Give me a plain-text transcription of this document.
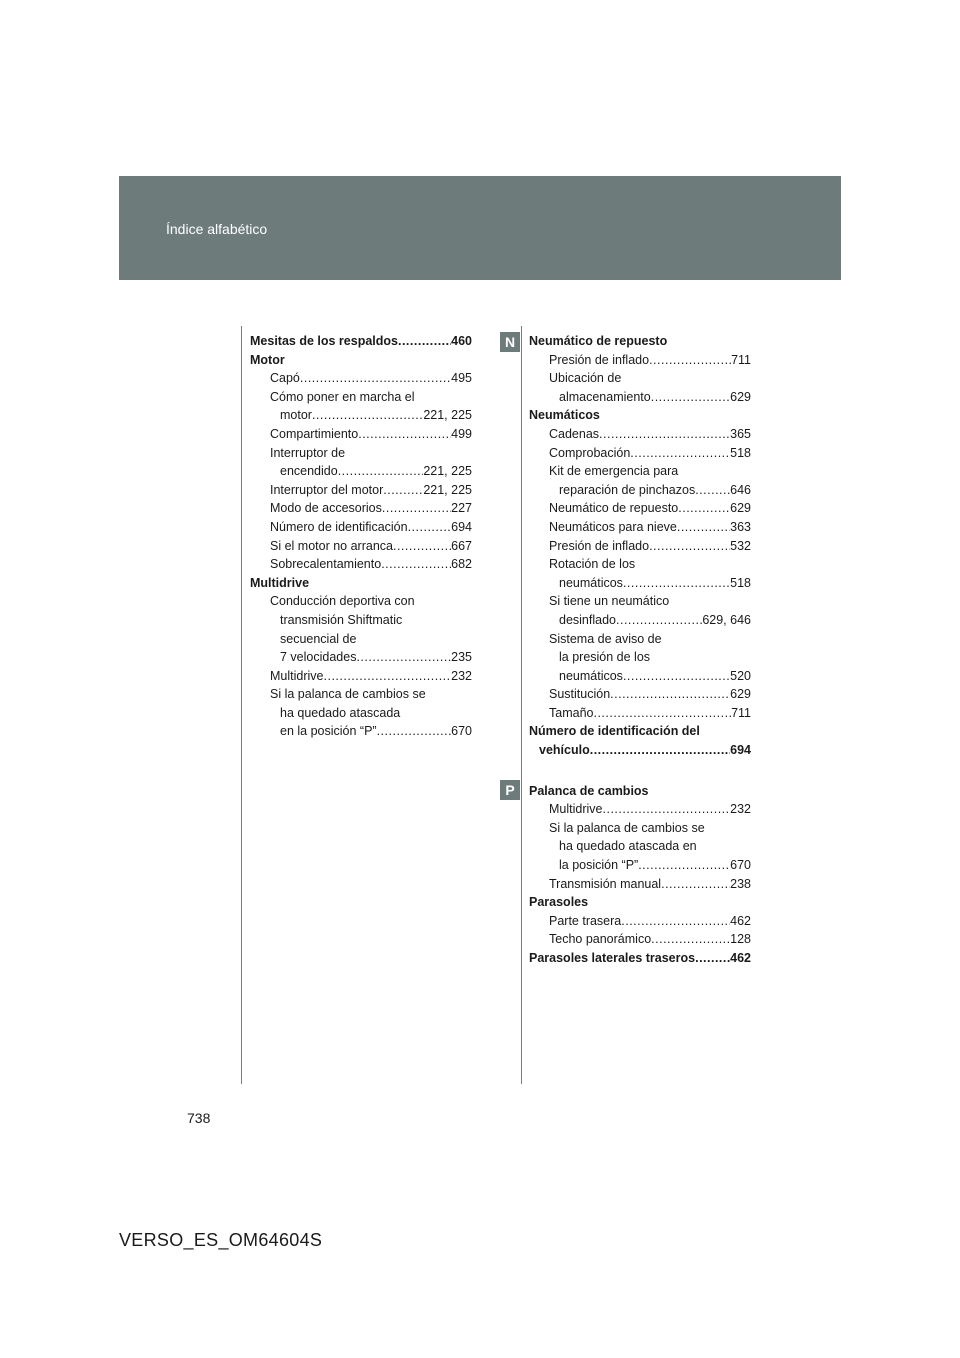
Índice alfabético
N
P
Mesitas de los respaldos .....	460
Motor
Capó .....	495
Cómo poner en marcha el
motor .....	221, 225
Compartimiento .....	499
Interruptor de
encendido .....	221, 225
Interruptor del motor .....	221, 225
Modo de accesorios .....	227
Número de identificación .....	694
Si el motor no arranca .....	667
Sobrecalentamiento .....	682
Multidrive
Conducción deportiva con
transmisión Shiftmatic
secuencial de
7 velocidades .....	235
Multidrive .....	232
Si la palanca de cambios se
ha quedado atascada
en la posición “P” .....	670
Neumático de repuesto
Presión de inflado .....	711
Ubicación de
almacenamiento .....	629
Neumáticos
Cadenas .....	365
Comprobación .....	518
Kit de emergencia para
reparación de pinchazos .....	646
Neumático de repuesto .....	629
Neumáticos para nieve .....	363
Presión de inflado .....	532
Rotación de los
neumáticos .....	518
Si tiene un neumático
desinflado .....	629, 646
Sistema de aviso de
la presión de los
neumáticos .....	520
Sustitución .....	629
Tamaño .....	711
Número de identificación del
vehículo .....	694
Palanca de cambios
Multidrive .....	232
Si la palanca de cambios se
ha quedado atascada en
la posición “P” .....	670
Transmisión manual .....	238
Parasoles
Parte trasera .....	462
Techo panorámico .....	128
Parasoles laterales traseros .....	462
738
VERSO_ES_OM64604S
